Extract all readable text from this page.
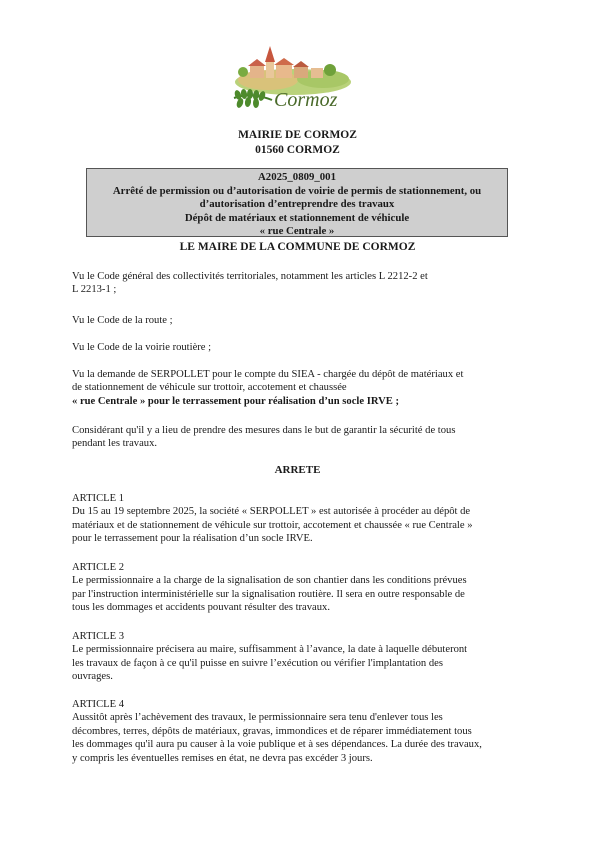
Cormoz
MAIRIE DE CORMOZ
01560 CORMOZ
A2025_0809_001
Arrêté de permission ou d’autorisation de voirie de permis de stationnement, ou
d’autorisation d’entreprendre des travaux
Dépôt de matériaux et stationnement de véhicule
« rue Centrale »
LE MAIRE DE LA COMMUNE DE CORMOZ
Vu le Code général des collectivités territoriales, notamment les articles L 2212-2 et
L 2213-1 ;
Vu le Code de la route ;
Vu le Code de la voirie routière ;
Vu la demande de SERPOLLET pour le compte du SIEA - chargée du dépôt de matériaux et
de stationnement de véhicule sur trottoir, accotement et chaussée
« rue Centrale » pour le terrassement pour réalisation d’un socle IRVE ;
Considérant qu'il y a lieu de prendre des mesures dans le but de garantir la sécurité de tous
pendant les travaux.
ARRETE
ARTICLE 1
Du 15 au 19 septembre 2025, la société « SERPOLLET » est autorisée à procéder au dépôt de
matériaux et de stationnement de véhicule sur trottoir, accotement et chaussée « rue Centrale »
pour le terrassement pour la réalisation d’un socle IRVE.
ARTICLE 2
Le permissionnaire a la charge de la signalisation de son chantier dans les conditions prévues
par l'instruction interministérielle sur la signalisation routière. Il sera en outre responsable de
tous les dommages et accidents pouvant résulter des travaux.
ARTICLE 3
Le permissionnaire précisera au maire, suffisamment à l’avance, la date à laquelle débuteront
les travaux de façon à ce qu'il puisse en suivre l’exécution ou vérifier l'implantation des
ouvrages.
ARTICLE 4
Aussitôt après l’achèvement des travaux, le permissionnaire sera tenu d'enlever tous les
décombres, terres, dépôts de matériaux, gravas, immondices et de réparer immédiatement tous
les dommages qu'il aura pu causer à la voie publique et à ses dépendances. La durée des travaux,
y compris les éventuelles remises en état, ne devra pas excéder 3 jours.
